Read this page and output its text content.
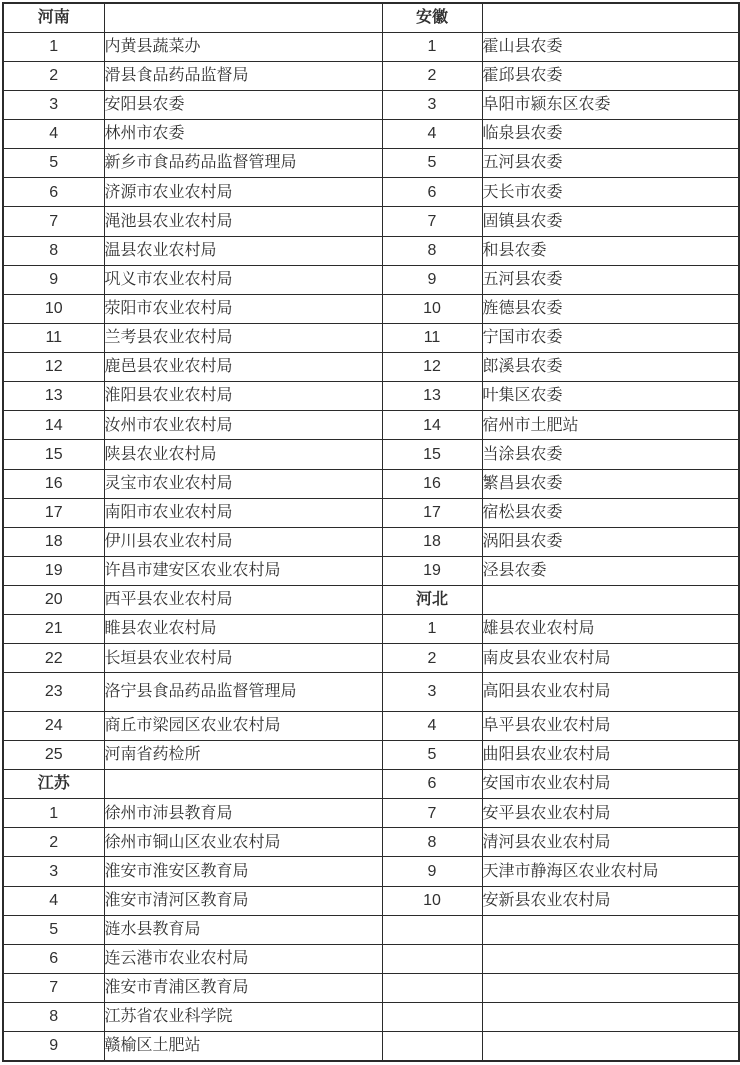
河南		安徽	
1	内黄县蔬菜办	1	霍山县农委
2	滑县食品药品监督局	2	霍邱县农委
3	安阳县农委	3	阜阳市颍东区农委
4	林州市农委	4	临泉县农委
5	新乡市食品药品监督管理局	5	五河县农委
6	济源市农业农村局	6	天长市农委
7	渑池县农业农村局	7	固镇县农委
8	温县农业农村局	8	和县农委
9	巩义市农业农村局	9	五河县农委
10	荥阳市农业农村局	10	旌德县农委
11	兰考县农业农村局	11	宁国市农委
12	鹿邑县农业农村局	12	郎溪县农委
13	淮阳县农业农村局	13	叶集区农委
14	汝州市农业农村局	14	宿州市土肥站
15	陕县农业农村局	15	当涂县农委
16	灵宝市农业农村局	16	繁昌县农委
17	南阳市农业农村局	17	宿松县农委
18	伊川县农业农村局	18	涡阳县农委
19	许昌市建安区农业农村局	19	泾县农委
20	西平县农业农村局	河北	
21	睢县农业农村局	1	雄县农业农村局
22	长垣县农业农村局	2	南皮县农业农村局
23	洛宁县食品药品监督管理局	3	高阳县农业农村局
24	商丘市梁园区农业农村局	4	阜平县农业农村局
25	河南省药检所	5	曲阳县农业农村局
江苏		6	安国市农业农村局
1	徐州市沛县教育局	7	安平县农业农村局
2	徐州市铜山区农业农村局	8	清河县农业农村局
3	淮安市淮安区教育局	9	天津市静海区农业农村局
4	淮安市清河区教育局	10	安新县农业农村局
5	涟水县教育局		
6	连云港市农业农村局		
7	淮安市青浦区教育局		
8	江苏省农业科学院		
9	赣榆区土肥站		
